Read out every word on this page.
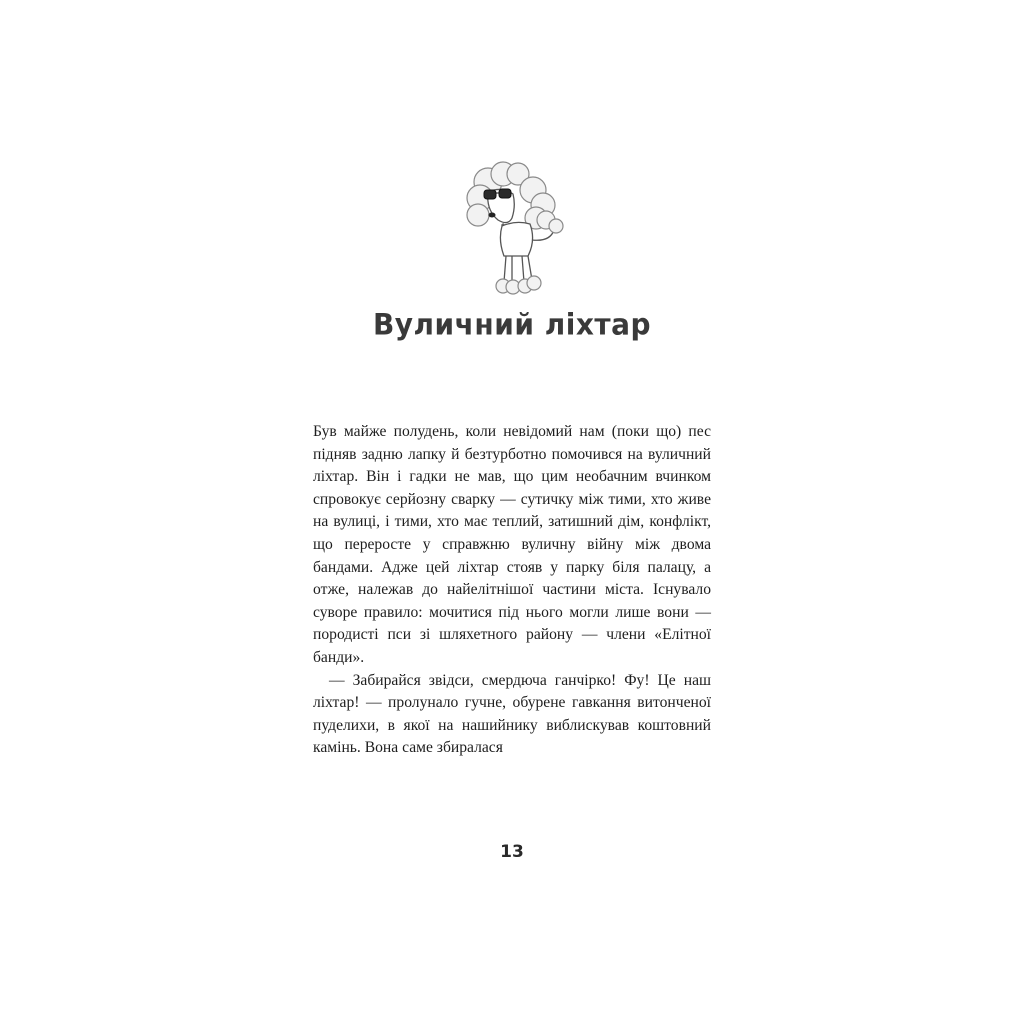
Вуличний ліхтар

Був майже полудень, коли невідомий нам (поки що) пес підняв задню лапку й безтурботно помочився на вуличний ліхтар. Він і гадки не мав, що цим необачним вчинком спровокує серйозну сварку — сутичку між тими, хто живе на вулиці, і тими, хто має теплий, затишний дім, конфлікт, що переросте у справжню вуличну війну між двома бандами. Адже цей ліхтар стояв у парку біля палацу, а отже, належав до найелітнішої частини міста. Існувало суворе правило: мочитися під нього могли лише вони — породисті пси зі шляхетного району — члени «Елітної банди».

— Забирайся звідси, смердюча ганчірко! Фу! Це наш ліхтар! — пролунало гучне, обурене гавкання витонченої пуделихи, в якої на нашийнику виблискував коштовний камінь. Вона саме збиралася

13
